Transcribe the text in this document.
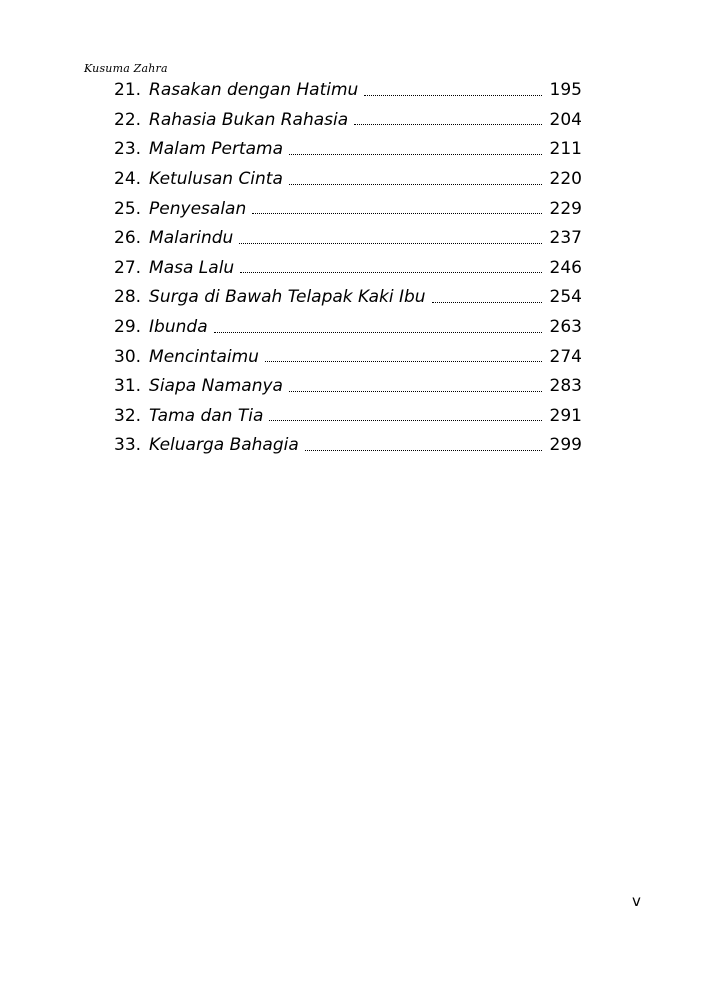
Kusuma Zahra
21. Rasakan dengan Hatimu	195
22. Rahasia Bukan Rahasia	204
23. Malam Pertama	211
24. Ketulusan Cinta	220
25. Penyesalan	229
26. Malarindu	237
27. Masa Lalu	246
28. Surga di Bawah Telapak Kaki Ibu	254
29. Ibunda	263
30. Mencintaimu	274
31. Siapa Namanya	283
32. Tama dan Tia	291
33. Keluarga Bahagia	299
v
